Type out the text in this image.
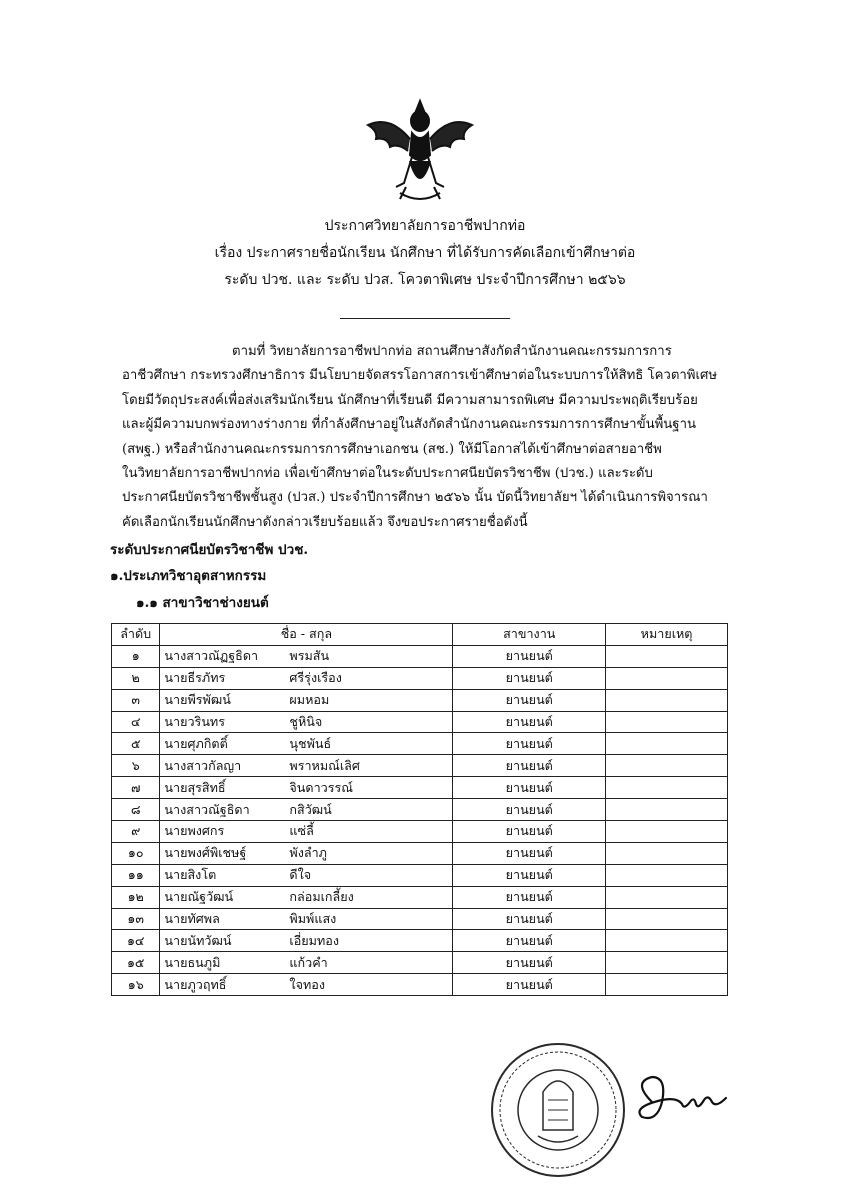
ประกาศวิทยาลัยการอาชีพปากท่อ
เรื่อง ประกาศรายชื่อนักเรียน นักศึกษา ที่ได้รับการคัดเลือกเข้าศึกษาต่อ
ระดับ ปวช. และ ระดับ ปวส. โควตาพิเศษ ประจำปีการศึกษา ๒๕๖๖
ตามที่ วิทยาลัยการอาชีพปากท่อ สถานศึกษาสังกัดสำนักงานคณะกรรมการการ
อาชีวศึกษา กระทรวงศึกษาธิการ มีนโยบายจัดสรรโอกาสการเข้าศึกษาต่อในระบบการให้สิทธิ โควตาพิเศษ
โดยมีวัตถุประสงค์เพื่อส่งเสริมนักเรียน นักศึกษาที่เรียนดี มีความสามารถพิเศษ มีความประพฤติเรียบร้อย
และผู้มีความบกพร่องทางร่างกาย ที่กำลังศึกษาอยู่ในสังกัดสำนักงานคณะกรรมการการศึกษาขั้นพื้นฐาน
(สพฐ.) หรือสำนักงานคณะกรรมการการศึกษาเอกชน (สช.) ให้มีโอกาสได้เข้าศึกษาต่อสายอาชีพ
ในวิทยาลัยการอาชีพปากท่อ เพื่อเข้าศึกษาต่อในระดับประกาศนียบัตรวิชาชีพ (ปวช.) และระดับ
ประกาศนียบัตรวิชาชีพชั้นสูง (ปวส.) ประจำปีการศึกษา ๒๕๖๖ นั้น บัดนี้วิทยาลัยฯ ได้ดำเนินการพิจารณา
คัดเลือกนักเรียนนักศึกษาดังกล่าวเรียบร้อยแล้ว จึงขอประกาศรายชื่อดังนี้
ระดับประกาศนียบัตรวิชาชีพ ปวช.
๑.ประเภทวิชาอุตสาหกรรม
๑.๑ สาขาวิชาช่างยนต์
ลำดับ	ชื่อ - สกุล	สาขางาน	หมายเหตุ
๑	นางสาวณัฏฐธิดา พรมสัน	ยานยนต์	
๒	นายธีรภัทร ศรีรุ่งเรือง	ยานยนต์	
๓	นายพีรพัฒน์ ผมหอม	ยานยนต์	
๔	นายวรินทร ชูหินิจ	ยานยนต์	
๕	นายศุภกิตติ์ นุชพันธ์	ยานยนต์	
๖	นางสาวกัลญา พราหมณ์เลิศ	ยานยนต์	
๗	นายสุรสิทธิ์ จินดาวรรณ์	ยานยนต์	
๘	นางสาวณัฐธิดา กสิวัฒน์	ยานยนต์	
๙	นายพงศกร แซ่ลี้	ยานยนต์	
๑๐	นายพงศ์พิเชษฐ์ พังลำภู	ยานยนต์	
๑๑	นายสิงโต ดีใจ	ยานยนต์	
๑๒	นายณัฐวัฒน์ กล่อมเกลี้ยง	ยานยนต์	
๑๓	นายทัศพล พิมพ์แสง	ยานยนต์	
๑๔	นายนัทวัฒน์ เอี่ยมทอง	ยานยนต์	
๑๕	นายธนภูมิ แก้วคำ	ยานยนต์	
๑๖	นายภูวฤทธิ์ ใจทอง	ยานยนต์	
